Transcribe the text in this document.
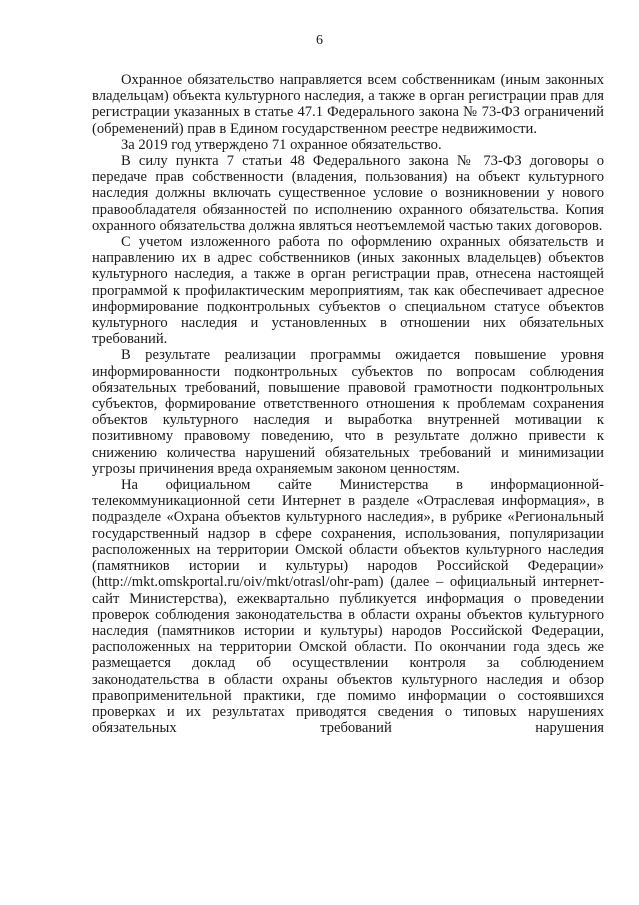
6

Охранное обязательство направляется всем собственникам (иным законных владельцам) объекта культурного наследия, а также в орган регистрации прав для регистрации указанных в статье 47.1 Федерального закона № 73-ФЗ ограничений (обременений) прав в Едином государственном реестре недвижимости.

За 2019 год утверждено 71 охранное обязательство.

В силу пункта 7 статьи 48 Федерального закона № 73-ФЗ договоры о передаче прав собственности (владения, пользования) на объект культурного наследия должны включать существенное условие о возникновении у нового правообладателя обязанностей по исполнению охранного обязательства. Копия охранного обязательства должна являться неотъемлемой частью таких договоров.

С учетом изложенного работа по оформлению охранных обязательств и направлению их в адрес собственников (иных законных владельцев) объектов культурного наследия, а также в орган регистрации прав, отнесена настоящей программой к профилактическим мероприятиям, так как обеспечивает адресное информирование подконтрольных субъектов о специальном статусе объектов культурного наследия и установленных в отношении них обязательных требований.

В результате реализации программы ожидается повышение уровня информированности подконтрольных субъектов по вопросам соблюдения обязательных требований, повышение правовой грамотности подконтрольных субъектов, формирование ответственного отношения к проблемам сохранения объектов культурного наследия и выработка внутренней мотивации к позитивному правовому поведению, что в результате должно привести к снижению количества нарушений обязательных требований и минимизации угрозы причинения вреда охраняемым законом ценностям.

На официальном сайте Министерства в информационной-телекоммуникационной сети Интернет в разделе «Отраслевая информация», в подразделе «Охрана объектов культурного наследия», в рубрике «Региональный государственный надзор в сфере сохранения, использования, популяризации расположенных на территории Омской области объектов культурного наследия (памятников истории и культуры) народов Российской Федерации» (http://mkt.omskportal.ru/oiv/mkt/otrasl/ohr-pam) (далее – официальный интернет-сайт Министерства), ежеквартально публикуется информация о проведении проверок соблюдения законодательства в области охраны объектов культурного наследия (памятников истории и культуры) народов Российской Федерации, расположенных на территории Омской области. По окончании года здесь же размещается доклад об осуществлении контроля за соблюдением законодательства в области охраны объектов культурного наследия и обзор правоприменительной практики, где помимо информации о состоявшихся проверках и их результатах приводятся сведения о типовых нарушениях обязательных требований нарушения
